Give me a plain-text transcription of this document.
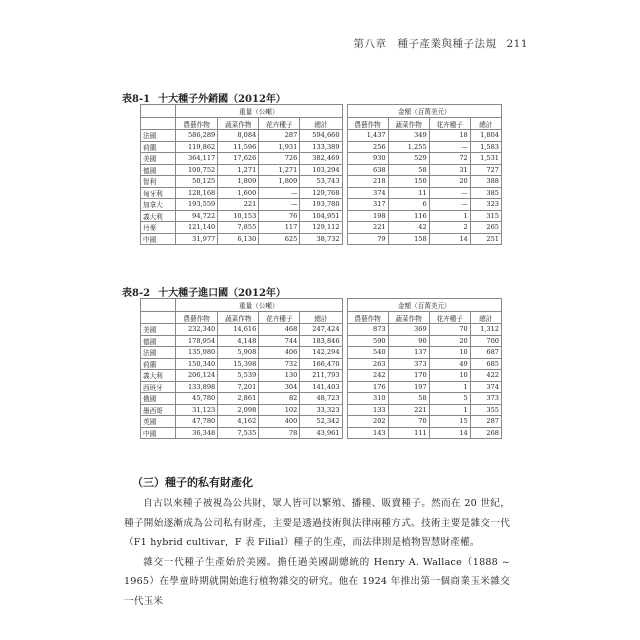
第八章　種子產業與種子法規 211
表8-1 十大種子外銷國（2012年）
	重量（公噸）					金額（百萬美元）			
	農藝作物	蔬菜作物	花卉種子	總計		農藝作物	蔬菜作物	花卉種子	總計
法國	586,289	8,084	287	594,660		1,437	349	18	1,804
荷蘭	119,862	11,596	1,931	133,389		256	1,255	—	1,583
美國	364,117	17,626	726	382,469		930	529	72	1,531
德國	100,752	1,271	1,271	103,294		638	58	31	727
智利	50,125	1,809	1,809	53,743		218	150	20	388
匈牙利	128,168	1,600	—	129,768		374	11	—	385
加拿大	193,559	221	—	193,780		317	6	—	323
義大利	94,722	10,153	76	104,951		198	116	1	315
丹麥	121,140	7,855	117	129,112		221	42	2	265
中國	31,977	6,130	625	38,732		79	158	14	251
表8-2 十大種子進口國（2012年）
	重量（公噸）					金額（百萬美元）			
	農藝作物	蔬菜作物	花卉種子	總計		農藝作物	蔬菜作物	花卉種子	總計
美國	232,340	14,616	468	247,424		873	369	70	1,312
德國	178,954	4,148	744	183,846		590	90	20	700
法國	135,980	5,908	406	142,294		540	137	10	687
荷蘭	150,340	15,398	732	166,470		263	373	49	685
義大利	206,124	5,539	130	211,793		242	170	10	422
西班牙	133,898	7,201	304	141,403		176	197	1	374
俄國	45,780	2,861	82	48,723		310	58	5	373
墨西哥	31,123	2,098	102	33,323		133	221	1	355
英國	47,780	4,162	400	52,342		202	70	15	287
中國	36,348	7,535	78	43,961		143	111	14	268
（三）種子的私有財產化

自古以來種子被視為公共財，眾人皆可以繁殖、播種、販賣種子。然而在 20 世紀，種子開始逐漸成為公司私有財產，主要是透過技術與法律兩種方式。技術主要是雜交一代（F1 hybrid cultivar，F 表 Filial）種子的生產，而法律則是植物智慧財產權。

雜交一代種子生產始於美國。擔任過美國副總統的 Henry A. Wallace（1888 ~ 1965）在學童時期就開始進行植物雜交的研究。他在 1924 年推出第一個商業玉米雜交一代玉米
